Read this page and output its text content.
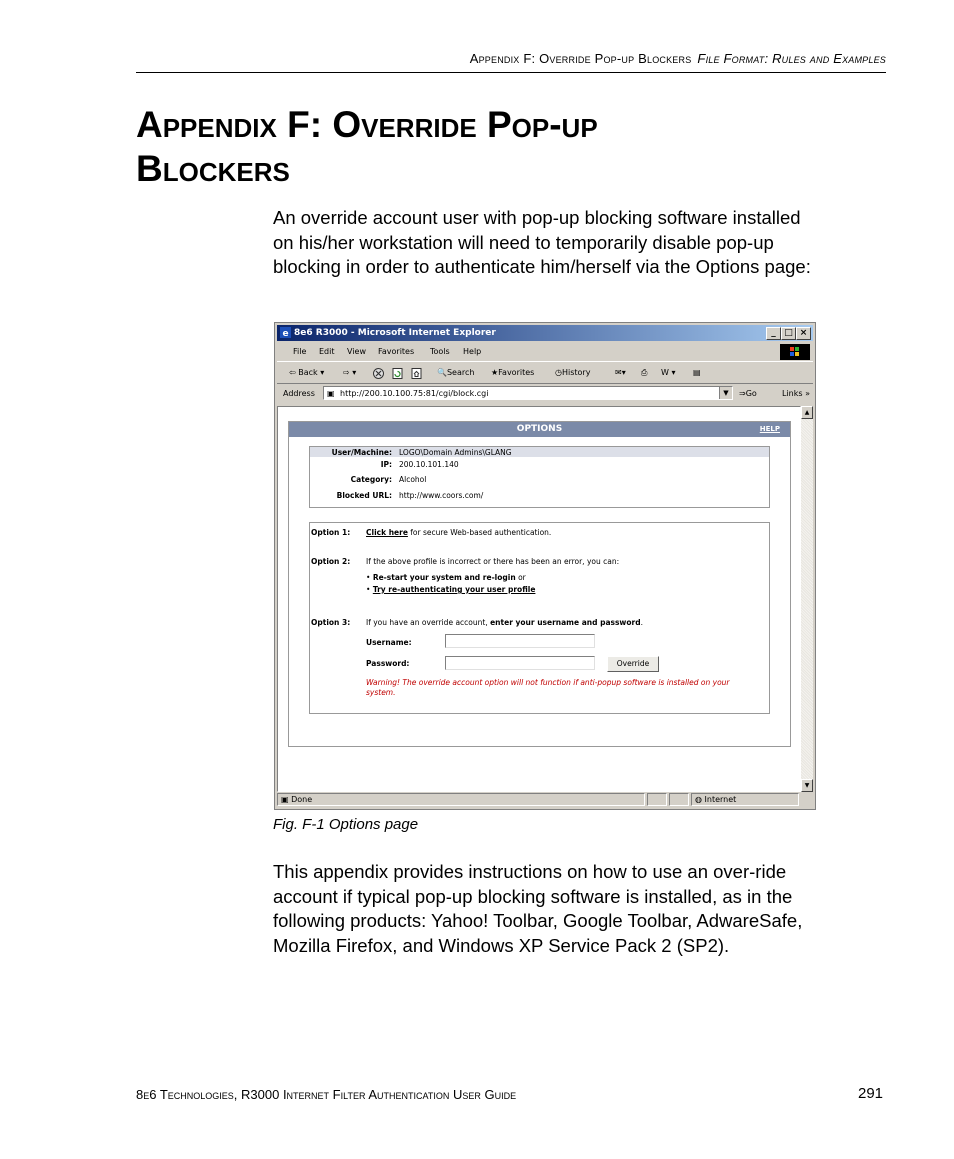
Appendix F: Override Pop-up Blockers File Format: Rules and Examples
Appendix F: Override Pop-up
Blockers

An override account user with pop-up blocking software installed on his/her workstation will need to temporarily disable pop-up blocking in order to authenticate him/herself via the Options page:

e 8e6 R3000 - Microsoft Internet Explorer	_ □ ×
File Edit View Favorites Tools Help
⇦ Back ▾ ⇨ ▾	🔍Search ★Favorites	◷History	✉▾ ⎙ W ▾ ▤
Address ▣ http://200.10.100.75:81/cgi/block.cgi	▼	⇒Go	Links »
OPTIONS	HELP
User/Machine: LOGO\Domain Admins\GLANG
IP: 200.10.101.140
Category: Alcohol
Blocked URL: http://www.coors.com/
Option 1: Click here for secure Web-based authentication.
Option 2: If the above profile is incorrect or there has been an error, you can:
• Re-start your system and re-login or
• Try re-authenticating your user profile
Option 3: If you have an override account, enter your username and password.
Username:
Password:	Override
Warning! The override account option will not function if anti-popup software is installed on your system.
▲
▼
▣ Done	◍ Internet
Fig. F-1 Options page

This appendix provides instructions on how to use an over-ride account if typical pop-up blocking software is installed, as in the following products: Yahoo! Toolbar, Google Toolbar, AdwareSafe, Mozilla Firefox, and Windows XP Service Pack 2 (SP2).

8e6 Technologies, R3000 Internet Filter Authentication User Guide	291
